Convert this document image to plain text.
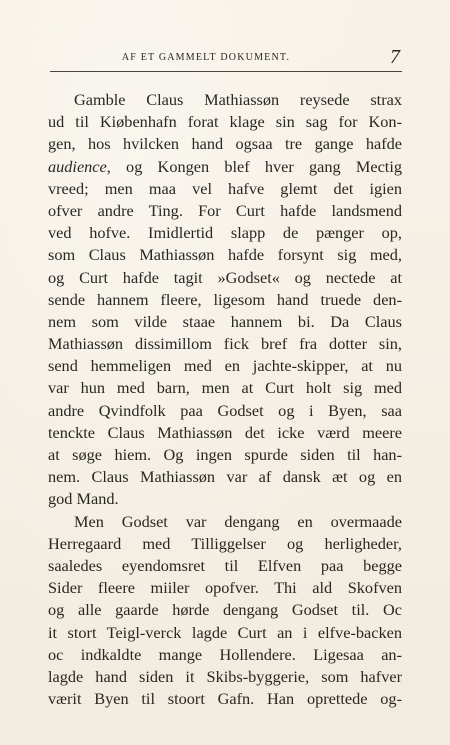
AF ET GAMMELT DOKUMENT.	7
Gamble Claus Mathiassøn reysede strax
ud til Kiøbenhafn forat klage sin sag for Kon-
gen, hos hvilcken hand ogsaa tre gange hafde
audience, og Kongen blef hver gang Mectig
vreed; men maa vel hafve glemt det igien
ofver andre Ting. For Curt hafde landsmend
ved hofve. Imidlertid slapp de pænger op,
som Claus Mathiassøn hafde forsynt sig med,
og Curt hafde tagit »Godset« og nectede at
sende hannem fleere, ligesom hand truede den-
nem som vilde staae hannem bi. Da Claus
Mathiassøn dissimillom fick bref fra dotter sin,
send hemmeligen med en jachte-skipper, at nu
var hun med barn, men at Curt holt sig med
andre Qvindfolk paa Godset og i Byen, saa
tenckte Claus Mathiassøn det icke værd meere
at søge hiem. Og ingen spurde siden til han-
nem. Claus Mathiassøn var af dansk æt og en
god Mand.
Men Godset var dengang en overmaade
Herregaard med Tilliggelser og herligheder,
saaledes eyendomsret til Elfven paa begge
Sider fleere miiler opofver. Thi ald Skofven
og alle gaarde hørde dengang Godset til. Oc
it stort Teigl-verck lagde Curt an i elfve-backen
oc indkaldte mange Hollendere. Ligesaa an-
lagde hand siden it Skibs-byggerie, som hafver
værit Byen til stoort Gafn. Han oprettede og-
